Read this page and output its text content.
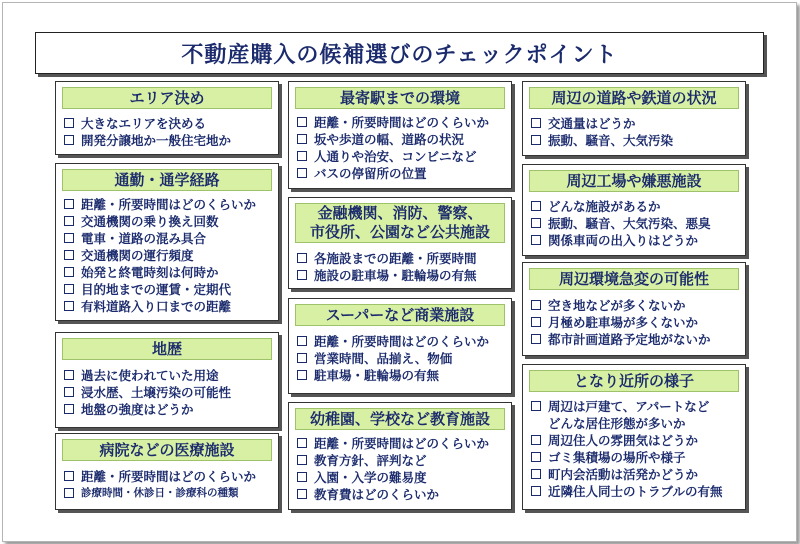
不動産購入の候補選びのチェックポイント
エリア決め
大きなエリアを決める
開発分譲地か一般住宅地か
通勤・通学経路
距離・所要時間はどのくらいか
交通機関の乗り換え回数
電車・道路の混み具合
交通機関の運行頻度
始発と終電時刻は何時か
目的地までの運賃・定期代
有料道路入り口までの距離
地歴
過去に使われていた用途
浸水歴、土壌汚染の可能性
地盤の強度はどうか
病院などの医療施設
距離・所要時間はどのくらいか
診療時間・休診日・診療科の種類
最寄駅までの環境
距離・所要時間はどのくらいか
坂や歩道の幅、道路の状況
人通りや治安、コンビニなど
バスの停留所の位置
金融機関、消防、警察、
市役所、公園など公共施設
各施設までの距離・所要時間
施設の駐車場・駐輪場の有無
スーパーなど商業施設
距離・所要時間はどのくらいか
営業時間、品揃え、物価
駐車場・駐輪場の有無
幼稚園、学校など教育施設
距離・所要時間はどのくらいか
教育方針、評判など
入園・入学の難易度
教育費はどのくらいか
周辺の道路や鉄道の状況
交通量はどうか
振動、騒音、大気汚染
周辺工場や嫌悪施設
どんな施設があるか
振動、騒音、大気汚染、悪臭
関係車両の出入りはどうか
周辺環境急変の可能性
空き地などが多くないか
月極め駐車場が多くないか
都市計画道路予定地がないか
となり近所の様子
周辺は戸建て、アパートなど
どんな居住形態が多いか
周辺住人の雰囲気はどうか
ゴミ集積場の場所や様子
町内会活動は活発かどうか
近隣住人同士のトラブルの有無
